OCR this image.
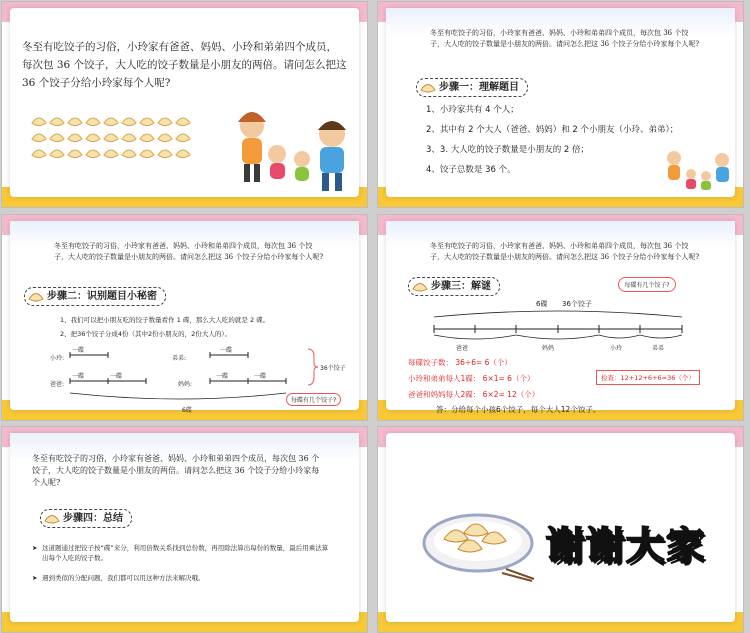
冬至有吃饺子的习俗，小玲家有爸爸、妈妈、小玲和弟弟四个成员，每次包 36 个饺子，大人吃的饺子数量是小朋友的两倍。请问怎么把这 36 个饺子分给小玲家每个人呢?
冬至有吃饺子的习俗，小玲家有爸爸、妈妈、小玲和弟弟四个成员，每次包 36 个饺子，大人吃的饺子数量是小朋友的两倍。请问怎么把这 36 个饺子分给小玲家每个人呢?
步骤一：理解题目
1、小玲家共有 4 个人；
2、其中有 2 个大人（爸爸、妈妈）和 2 个小朋友（小玲、弟弟）；
3、3. 大人吃的饺子数量是小朋友的 2 倍；
4、饺子总数是 36 个。
冬至有吃饺子的习俗，小玲家有爸爸、妈妈、小玲和弟弟四个成员，每次包 36 个饺子，大人吃的饺子数量是小朋友的两倍。请问怎么把这 36 个饺子分给小玲家每个人呢?
步骤二：识别题目小秘密
1、我们可以把小朋友吃的饺子数量看作 1 碟，那么大人吃的就是 2 碟。
2、把36个饺子分成4份（其中2份小朋友的，2份大人的）。
小玲:
一碟
弟弟:
一碟
爸爸:
一碟	一碟
妈妈:
一碟	一碟
36个饺子
每碟有几个饺子?
6碟
冬至有吃饺子的习俗，小玲家有爸爸、妈妈、小玲和弟弟四个成员，每次包 36 个饺子，大人吃的饺子数量是小朋友的两倍。请问怎么把这 36 个饺子分给小玲家每个人呢?
步骤三：解谜	每碟有几个饺子?
6碟 36个饺子
爸爸	妈妈	小玲	弟弟
每碟饺子数： 36÷6= 6（个）
小玲和弟弟每人1碟： 6×1= 6（个）
爸爸和妈妈每人2碟： 6×2= 12（个）
检查：12+12+6+6=36（个）
答：分给每个小孩6个饺子，每个大人12个饺子。
冬至有吃饺子的习俗，小玲家有爸爸、妈妈、小玲和弟弟四个成员，每次包 36 个饺子，大人吃的饺子数量是小朋友的两倍。请问怎么把这 36 个饺子分给小玲家每个人呢?
步骤四：总结
➤ 这道题通过把饺子按“碟”来分，利用倍数关系找到总份数，再用除法算出每份的数量，最后用乘法算出每个人吃的饺子数。
➤ 遇到类似的分配问题，我们都可以用这种方法来解决哦。
谢谢大家
